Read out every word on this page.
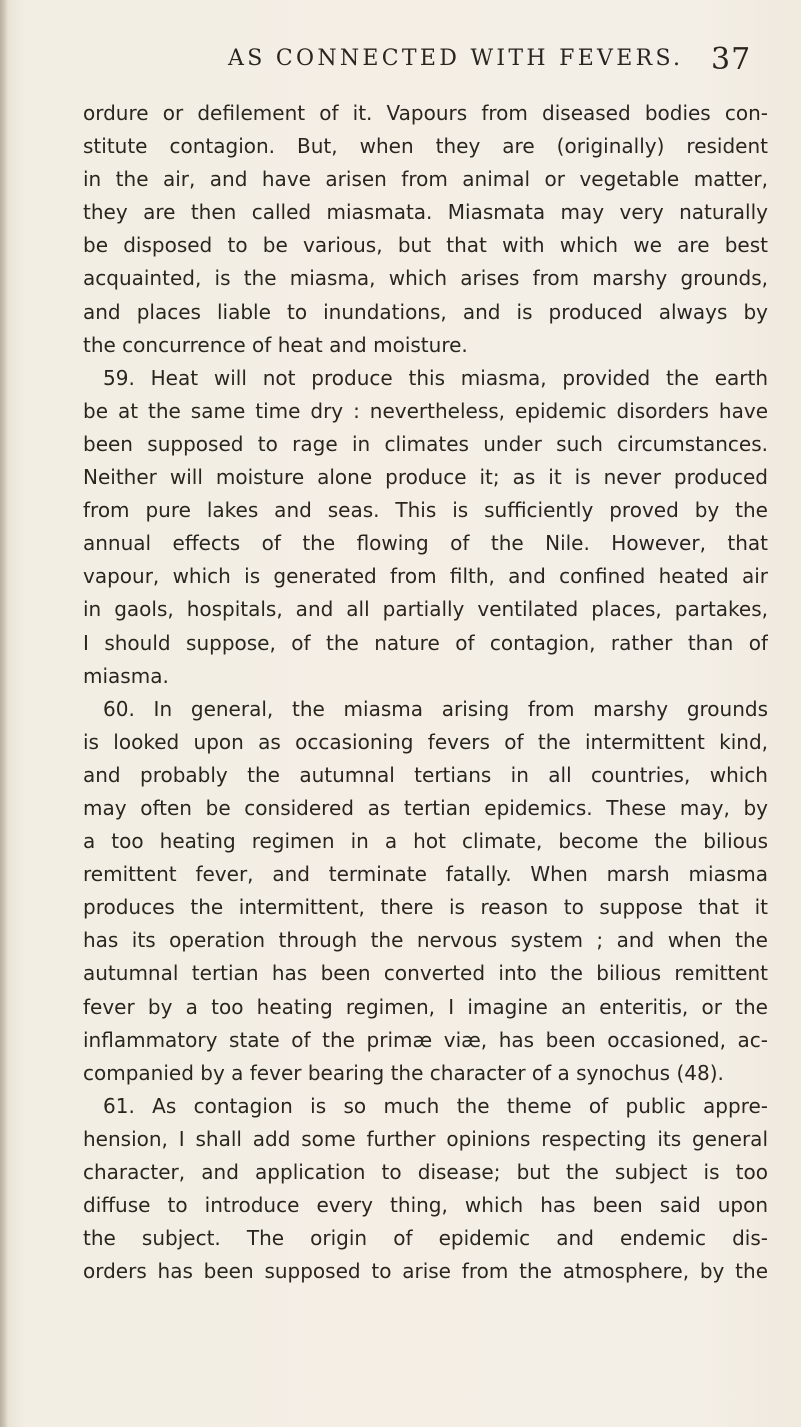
AS CONNECTED WITH FEVERS. 37
ordure or defilement of it. Vapours from diseased bodies con-
stitute contagion. But, when they are (originally) resident
in the air, and have arisen from animal or vegetable matter,
they are then called miasmata. Miasmata may very naturally
be disposed to be various, but that with which we are best
acquainted, is the miasma, which arises from marshy grounds,
and places liable to inundations, and is produced always by
the concurrence of heat and moisture.
59. Heat will not produce this miasma, provided the earth
be at the same time dry : nevertheless, epidemic disorders have
been supposed to rage in climates under such circumstances.
Neither will moisture alone produce it; as it is never produced
from pure lakes and seas. This is sufficiently proved by the
annual effects of the flowing of the Nile. However, that
vapour, which is generated from filth, and confined heated air
in gaols, hospitals, and all partially ventilated places, partakes,
I should suppose, of the nature of contagion, rather than of
miasma.
60. In general, the miasma arising from marshy grounds
is looked upon as occasioning fevers of the intermittent kind,
and probably the autumnal tertians in all countries, which
may often be considered as tertian epidemics. These may, by
a too heating regimen in a hot climate, become the bilious
remittent fever, and terminate fatally. When marsh miasma
produces the intermittent, there is reason to suppose that it
has its operation through the nervous system ; and when the
autumnal tertian has been converted into the bilious remittent
fever by a too heating regimen, I imagine an enteritis, or the
inflammatory state of the primæ viæ, has been occasioned, ac-
companied by a fever bearing the character of a synochus (48).
61. As contagion is so much the theme of public appre-
hension, I shall add some further opinions respecting its general
character, and application to disease; but the subject is too
diffuse to introduce every thing, which has been said upon
the subject. The origin of epidemic and endemic dis-
orders has been supposed to arise from the atmosphere, by the
